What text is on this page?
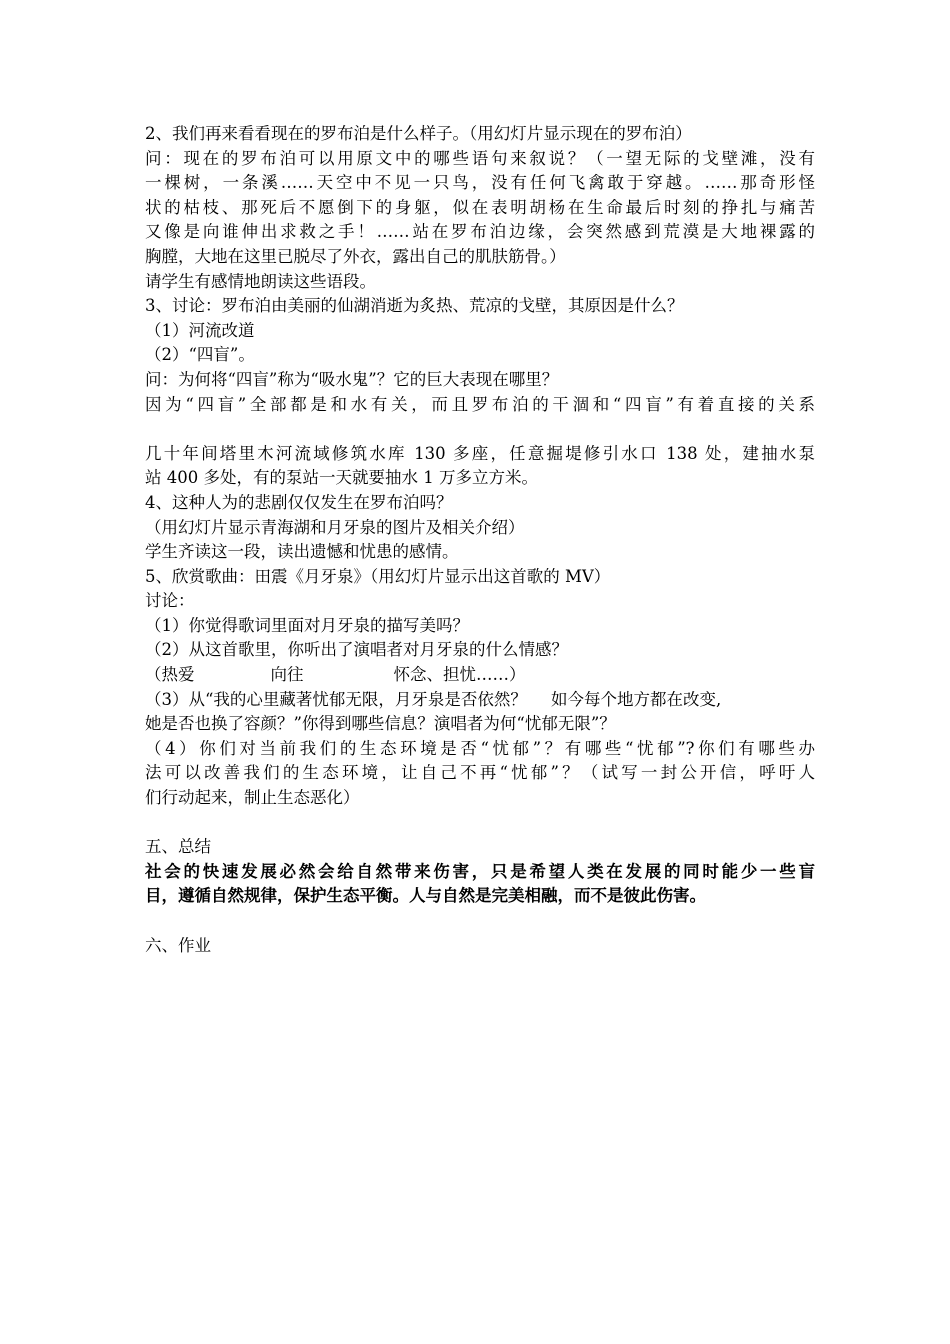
2、我们再来看看现在的罗布泊是什么样子。（用幻灯片显示现在的罗布泊）
问：现在的罗布泊可以用原文中的哪些语句来叙说？（一望无际的戈壁滩，没有
一棵树，一条溪……天空中不见一只鸟，没有任何飞禽敢于穿越。……那奇形怪
状的枯枝、那死后不愿倒下的身躯，似在表明胡杨在生命最后时刻的挣扎与痛苦
又像是向谁伸出求救之手！……站在罗布泊边缘，会突然感到荒漠是大地裸露的
胸膛，大地在这里已脱尽了外衣，露出自己的肌肤筋骨。）
请学生有感情地朗读这些语段。
3、讨论：罗布泊由美丽的仙湖消逝为炙热、荒凉的戈壁，其原因是什么？
（1）河流改道
（2）“四盲”。
问：为何将“四盲”称为“吸水鬼”？它的巨大表现在哪里？
因为“四盲”全部都是和水有关，而且罗布泊的干涸和“四盲”有着直接的关系
几十年间塔里木河流域修筑水库 130 多座，任意掘堤修引水口 138 处，建抽水泵
站 400 多处，有的泵站一天就要抽水 1 万多立方米。
4、这种人为的悲剧仅仅发生在罗布泊吗？
（用幻灯片显示青海湖和月牙泉的图片及相关介绍）
学生齐读这一段，读出遗憾和忧患的感情。
5、欣赏歌曲：田震《月牙泉》（用幻灯片显示出这首歌的 MV）
讨论：
（1）你觉得歌词里面对月牙泉的描写美吗？
（2）从这首歌里，你听出了演唱者对月牙泉的什么情感？
（热爱	向往	怀念、担忧……）
（3）从“我的心里藏著忧郁无限，月牙泉是否依然？ 如今每个地方都在改变,
她是否也换了容颜？”你得到哪些信息？演唱者为何“忧郁无限”？
（4）你们对当前我们的生态环境是否“忧郁”？有哪些“忧郁”?你们有哪些办
法可以改善我们的生态环境，让自己不再“忧郁”？（试写一封公开信，呼吁人
们行动起来，制止生态恶化）
五、总结
社会的快速发展必然会给自然带来伤害，只是希望人类在发展的同时能少一些盲
目，遵循自然规律，保护生态平衡。人与自然是完美相融，而不是彼此伤害。
六、作业
